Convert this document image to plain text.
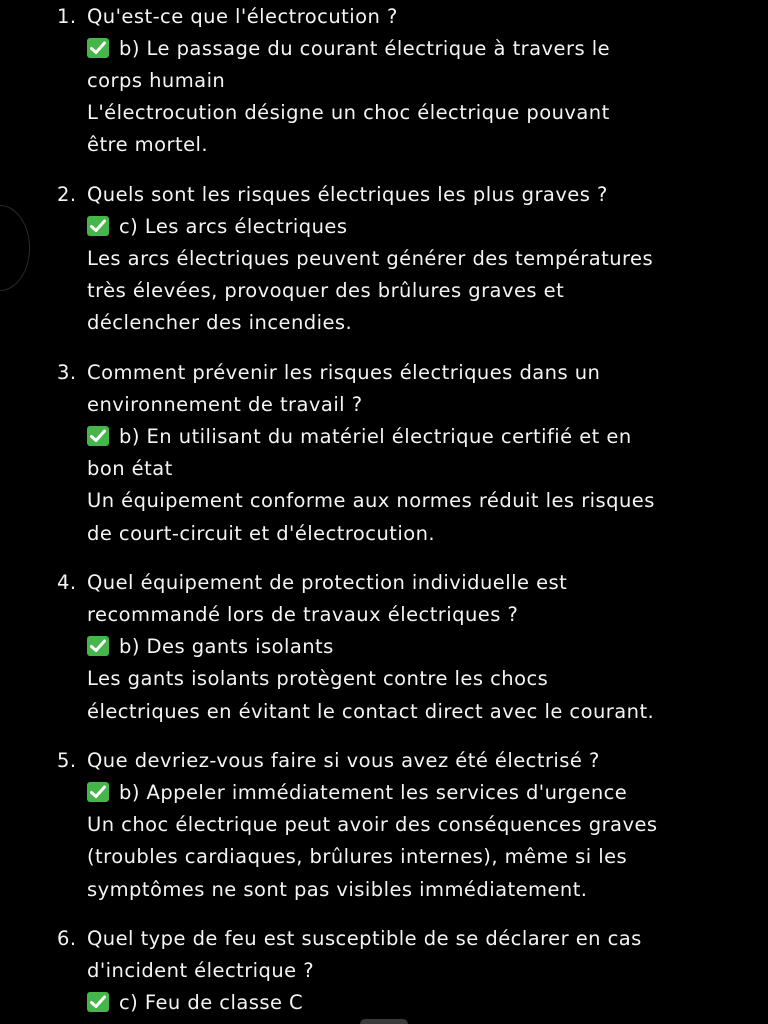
1. Qu'est-ce que l'électrocution ?
b) Le passage du courant électrique à travers le
corps humain
L'électrocution désigne un choc électrique pouvant
être mortel.
2. Quels sont les risques électriques les plus graves ?
c) Les arcs électriques
Les arcs électriques peuvent générer des températures
très élevées, provoquer des brûlures graves et
déclencher des incendies.
3. Comment prévenir les risques électriques dans un
environnement de travail ?
b) En utilisant du matériel électrique certifié et en
bon état
Un équipement conforme aux normes réduit les risques
de court-circuit et d'électrocution.
4. Quel équipement de protection individuelle est
recommandé lors de travaux électriques ?
b) Des gants isolants
Les gants isolants protègent contre les chocs
électriques en évitant le contact direct avec le courant.
5. Que devriez-vous faire si vous avez été électrisé ?
b) Appeler immédiatement les services d'urgence
Un choc électrique peut avoir des conséquences graves
(troubles cardiaques, brûlures internes), même si les
symptômes ne sont pas visibles immédiatement.
6. Quel type de feu est susceptible de se déclarer en cas
d'incident électrique ?
c) Feu de classe C
